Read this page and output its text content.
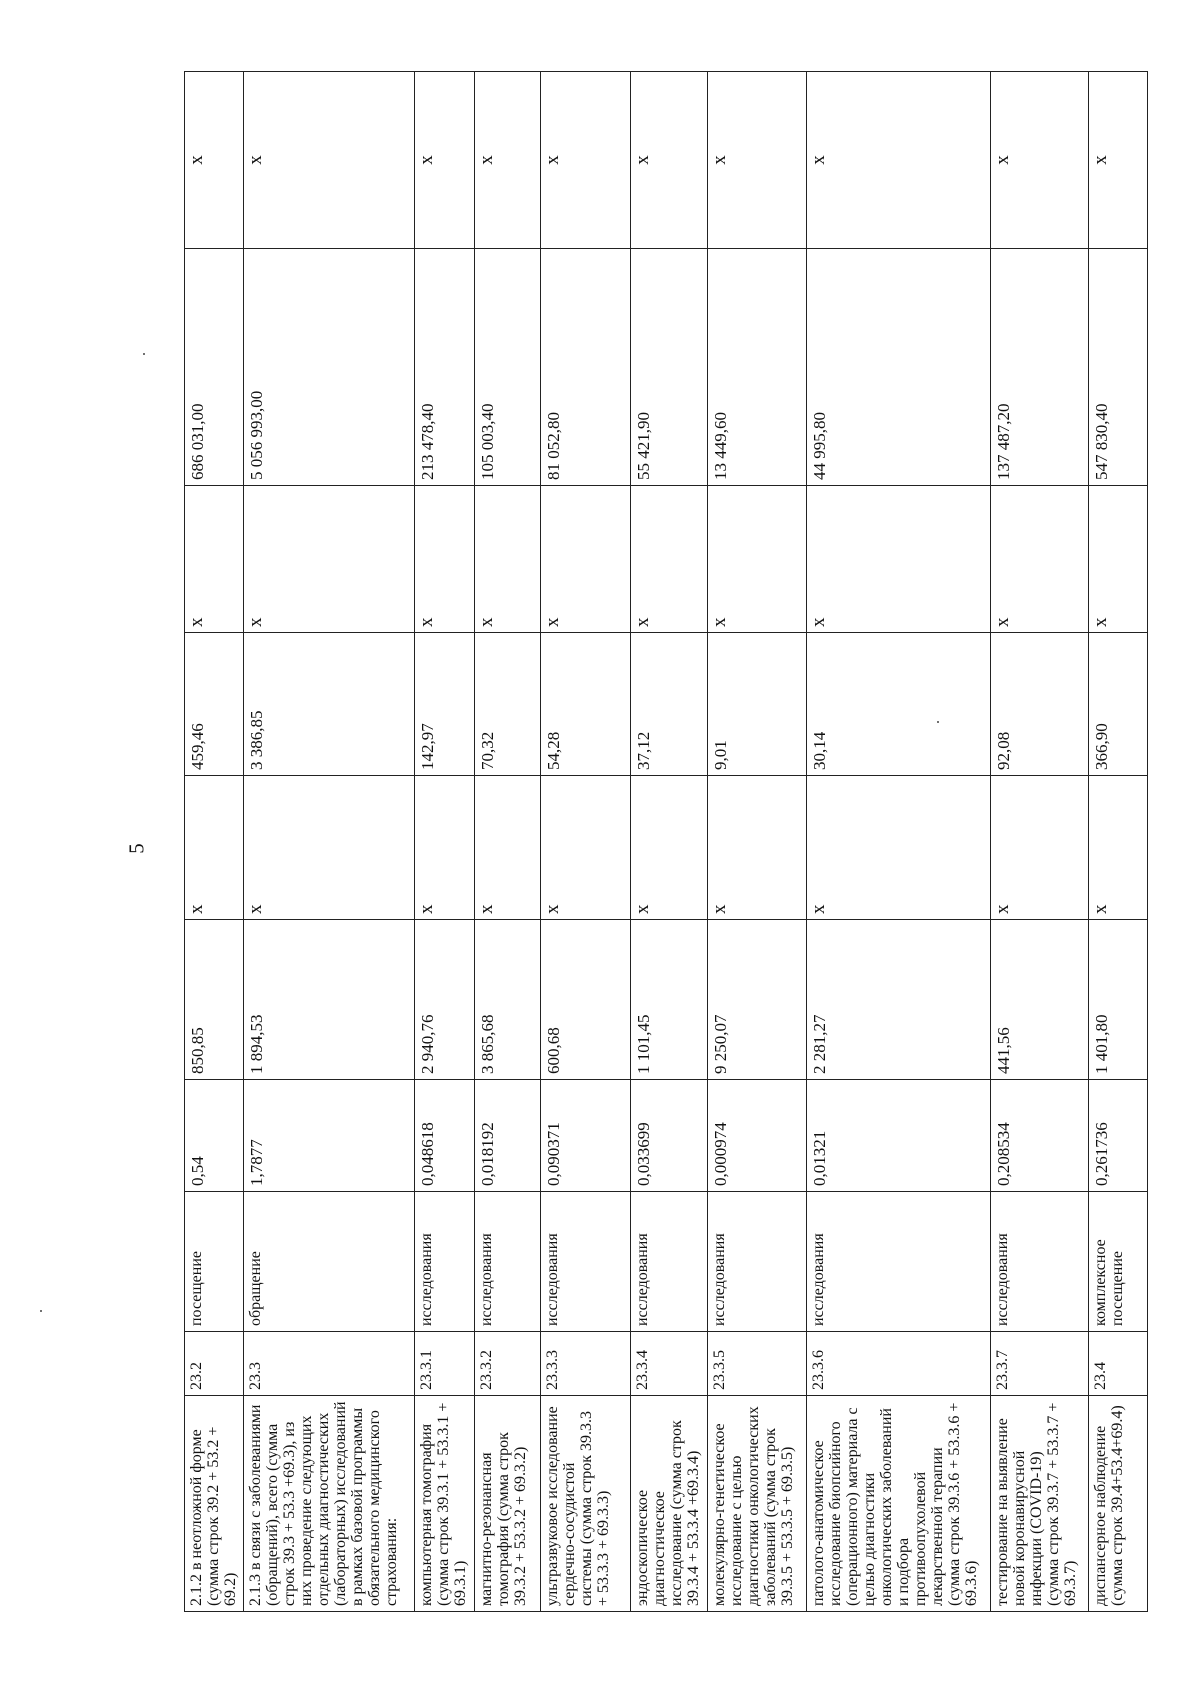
5
2.1.2 в неотложной форме (сумма строк 39.2 + 53.2 + 69.2)	23.2	посещение	0,54	850,85	x	459,46	x	686 031,00	x
2.1.3 в связи с заболеваниями (обращений), всего (сумма строк 39.3 + 53.3 +69.3), из них проведение следующих отдельных диагностических (лабораторных) исследований в рамках базовой программы обязательного медицинского страхования:	23.3	обращение	1,7877	1 894,53	x	3 386,85	x	5 056 993,00	x
компьютерная томография (сумма строк 39.3.1 + 53.3.1 + 69.3.1)	23.3.1	исследования	0,048618	2 940,76	x	142,97	x	213 478,40	x
магнитно-резонансная томография (сумма строк 39.3.2 + 53.3.2 + 69.3.2)	23.3.2	исследования	0,018192	3 865,68	x	70,32	x	105 003,40	x
ультразвуковое исследование сердечно-сосудистой системы (сумма строк 39.3.3 + 53.3.3 + 69.3.3)	23.3.3	исследования	0,090371	600,68	x	54,28	x	81 052,80	x
эндоскопическое диагностическое исследование (сумма строк 39.3.4 + 53.3.4 +69.3.4)	23.3.4	исследования	0,033699	1 101,45	x	37,12	x	55 421,90	x
молекулярно-генетическое исследование с целью диагностики онкологических заболеваний (сумма строк 39.3.5 + 53.3.5 + 69.3.5)	23.3.5	исследования	0,000974	9 250,07	x	9,01	x	13 449,60	x
патолого-анатомическое исследование биопсийного (операционного) материала с целью диагностики онкологических заболеваний и подбора противоопухолевой лекарственной терапии (сумма строк 39.3.6 + 53.3.6 + 69.3.6)	23.3.6	исследования	0,01321	2 281,27	x	30,14	x	44 995,80	x
тестирование на выявление новой коронавирусной инфекции (COVID-19) (сумма строк 39.3.7 + 53.3.7 + 69.3.7)	23.3.7	исследования	0,208534	441,56	x	92,08	x	137 487,20	x
диспансерное наблюдение (сумма строк 39.4+53.4+69.4)	23.4	комплексное посещение	0,261736	1 401,80	x	366,90	x	547 830,40	x
